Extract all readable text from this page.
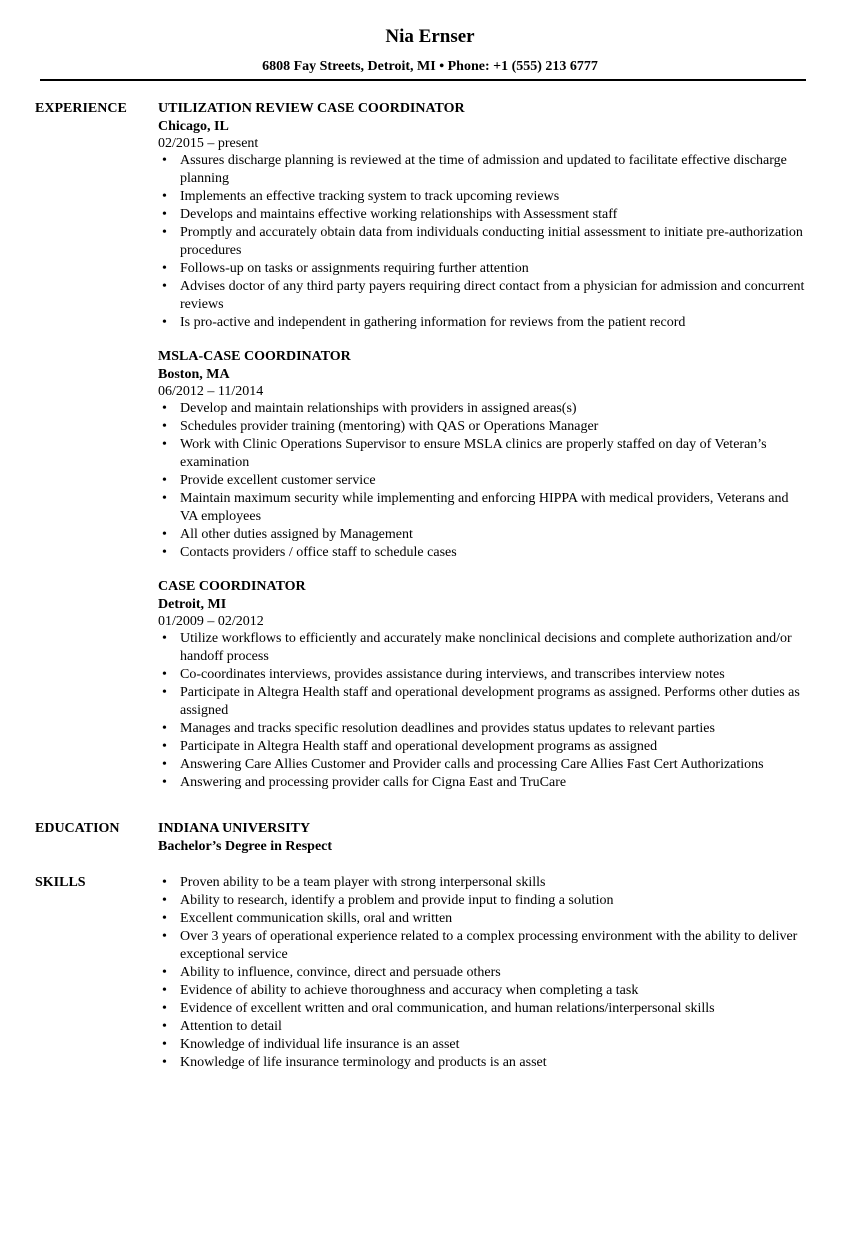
Nia Ernser
6808 Fay Streets, Detroit, MI • Phone: +1 (555) 213 6777
EXPERIENCE	UTILIZATION REVIEW CASE COORDINATOR
Chicago, IL
02/2015 – present
• Assures discharge planning is reviewed at the time of admission and updated to facilitate effective discharge planning
• Implements an effective tracking system to track upcoming reviews
• Develops and maintains effective working relationships with Assessment staff
• Promptly and accurately obtain data from individuals conducting initial assessment to initiate pre-authorization procedures
• Follows-up on tasks or assignments requiring further attention
• Advises doctor of any third party payers requiring direct contact from a physician for admission and concurrent reviews
• Is pro-active and independent in gathering information for reviews from the patient record
MSLA-CASE COORDINATOR
Boston, MA
06/2012 – 11/2014
• Develop and maintain relationships with providers in assigned areas(s)
• Schedules provider training (mentoring) with QAS or Operations Manager
• Work with Clinic Operations Supervisor to ensure MSLA clinics are properly staffed on day of Veteran’s examination
• Provide excellent customer service
• Maintain maximum security while implementing and enforcing HIPPA with medical providers, Veterans and VA employees
• All other duties assigned by Management
• Contacts providers / office staff to schedule cases
CASE COORDINATOR
Detroit, MI
01/2009 – 02/2012
• Utilize workflows to efficiently and accurately make nonclinical decisions and complete authorization and/or handoff process
• Co-coordinates interviews, provides assistance during interviews, and transcribes interview notes
• Participate in Altegra Health staff and operational development programs as assigned. Performs other duties as assigned
• Manages and tracks specific resolution deadlines and provides status updates to relevant parties
• Participate in Altegra Health staff and operational development programs as assigned
• Answering Care Allies Customer and Provider calls and processing Care Allies Fast Cert Authorizations
• Answering and processing provider calls for Cigna East and TruCare
EDUCATION	INDIANA UNIVERSITY
Bachelor’s Degree in Respect
SKILLS
•	Proven ability to be a team player with strong interpersonal skills
• Ability to research, identify a problem and provide input to finding a solution
• Excellent communication skills, oral and written
• Over 3 years of operational experience related to a complex processing environment with the ability to deliver exceptional service
• Ability to influence, convince, direct and persuade others
• Evidence of ability to achieve thoroughness and accuracy when completing a task
• Evidence of excellent written and oral communication, and human relations/interpersonal skills
• Attention to detail
• Knowledge of individual life insurance is an asset
• Knowledge of life insurance terminology and products is an asset
